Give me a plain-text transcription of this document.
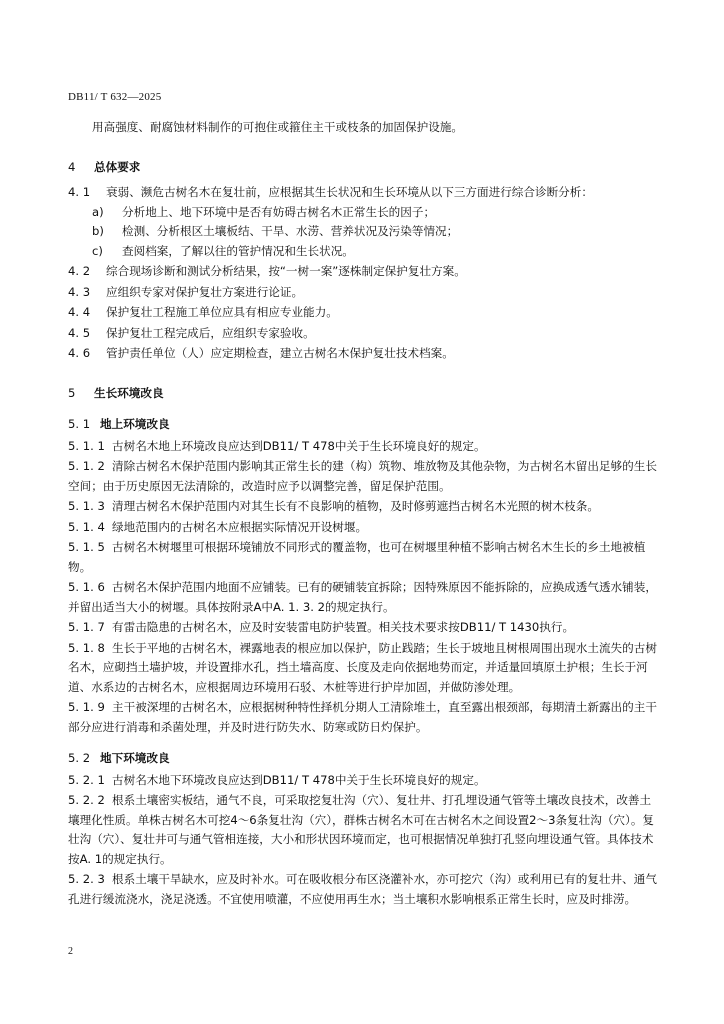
DB11/ T 632—2025

用高强度、耐腐蚀材料制作的可抱住或箍住主干或枝条的加固保护设施。

4 总体要求
4. 1 衰弱、濒危古树名木在复壮前，应根据其生长状况和生长环境从以下三方面进行综合诊断分析：
a) 分析地上、地下环境中是否有妨碍古树名木正常生长的因子；
b) 检测、分析根区土壤板结、干旱、水涝、营养状况及污染等情况；
c) 查阅档案，了解以往的管护情况和生长状况。
4. 2 综合现场诊断和测试分析结果，按“一树一案”逐株制定保护复壮方案。
4. 3 应组织专家对保护复壮方案进行论证。
4. 4 保护复壮工程施工单位应具有相应专业能力。
4. 5 保护复壮工程完成后，应组织专家验收。
4. 6 管护责任单位（人）应定期检查，建立古树名木保护复壮技术档案。
5 生长环境改良
5. 1 地上环境改良
5. 1. 1 古树名木地上环境改良应达到DB11/ T 478中关于生长环境良好的规定。
5. 1. 2 清除古树名木保护范围内影响其正常生长的建（构）筑物、堆放物及其他杂物，为古树名木留出足够的生长空间；由于历史原因无法清除的，改造时应予以调整完善，留足保护范围。
5. 1. 3 清理古树名木保护范围内对其生长有不良影响的植物，及时修剪遮挡古树名木光照的树木枝条。
5. 1. 4 绿地范围内的古树名木应根据实际情况开设树堰。
5. 1. 5 古树名木树堰里可根据环境铺放不同形式的覆盖物，也可在树堰里种植不影响古树名木生长的乡土地被植物。
5. 1. 6 古树名木保护范围内地面不应铺装。已有的硬铺装宜拆除；因特殊原因不能拆除的，应换成透气透水铺装，并留出适当大小的树堰。具体按附录A中A. 1. 3. 2的规定执行。
5. 1. 7 有雷击隐患的古树名木，应及时安装雷电防护装置。相关技术要求按DB11/ T 1430执行。
5. 1. 8 生长于平地的古树名木，裸露地表的根应加以保护，防止践踏；生长于坡地且树根周围出现水土流失的古树名木，应砌挡土墙护坡，并设置排水孔，挡土墙高度、长度及走向依据地势而定，并适量回填原土护根；生长于河道、水系边的古树名木，应根据周边环境用石驳、木桩等进行护岸加固，并做防渗处理。
5. 1. 9 主干被深埋的古树名木，应根据树种特性择机分期人工清除堆土，直至露出根颈部，每期清土新露出的主干部分应进行消毒和杀菌处理，并及时进行防失水、防寒或防日灼保护。
5. 2 地下环境改良
5. 2. 1 古树名木地下环境改良应达到DB11/ T 478中关于生长环境良好的规定。
5. 2. 2 根系土壤密实板结，通气不良，可采取挖复壮沟（穴）、复壮井、打孔埋设通气管等土壤改良技术，改善土壤理化性质。单株古树名木可挖4～6条复壮沟（穴），群株古树名木可在古树名木之间设置2～3条复壮沟（穴）。复壮沟（穴）、复壮井可与通气管相连接，大小和形状因环境而定，也可根据情况单独打孔竖向埋设通气管。具体技术按A. 1的规定执行。
5. 2. 3 根系土壤干旱缺水，应及时补水。可在吸收根分布区浇灌补水，亦可挖穴（沟）或利用已有的复壮井、通气孔进行缓流浇水，浇足浇透。不宜使用喷灌，不应使用再生水；当土壤积水影响根系正常生长时，应及时排涝。
2
